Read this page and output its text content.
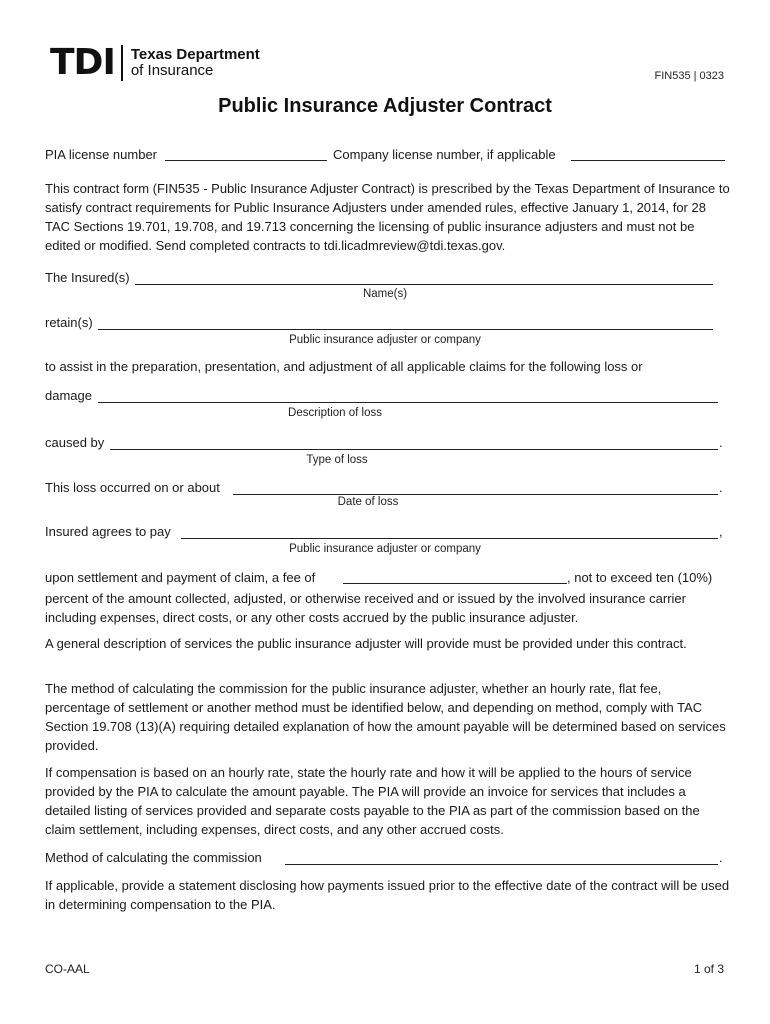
TDI Texas Department
of Insurance	FIN535 | 0323
Public Insurance Adjuster Contract
PIA license number	Company license number, if applicable
This contract form (FIN535 - Public Insurance Adjuster Contract) is prescribed by the Texas Department of Insurance to satisfy contract requirements for Public Insurance Adjusters under amended rules, effective January 1, 2014, for 28 TAC Sections 19.701, 19.708, and 19.713 concerning the licensing of public insurance adjusters and must not be edited or modified. Send completed contracts to tdi.licadmreview@tdi.texas.gov.
The Insured(s)
Name(s)
retain(s)
Public insurance adjuster or company
to assist in the preparation, presentation, and adjustment of all applicable claims for the following loss or
damage
Description of loss
caused by	.
Type of loss
This loss occurred on or about	.
Date of loss
Insured agrees to pay	,
Public insurance adjuster or company
upon settlement and payment of claim, a fee of	, not to exceed ten (10%)
percent of the amount collected, adjusted, or otherwise received and or issued by the involved insurance carrier including expenses, direct costs, or any other costs accrued by the public insurance adjuster.
A general description of services the public insurance adjuster will provide must be provided under this contract.
The method of calculating the commission for the public insurance adjuster, whether an hourly rate, flat fee, percentage of settlement or another method must be identified below, and depending on method, comply with TAC Section 19.708 (13)(A) requiring detailed explanation of how the amount payable will be determined based on services provided.
If compensation is based on an hourly rate, state the hourly rate and how it will be applied to the hours of service provided by the PIA to calculate the amount payable. The PIA will provide an invoice for services that includes a detailed listing of services provided and separate costs payable to the PIA as part of the commission based on the claim settlement, including expenses, direct costs, and any other accrued costs.
Method of calculating the commission	.
If applicable, provide a statement disclosing how payments issued prior to the effective date of the contract will be used in determining compensation to the PIA.
CO-AAL	1 of 3
